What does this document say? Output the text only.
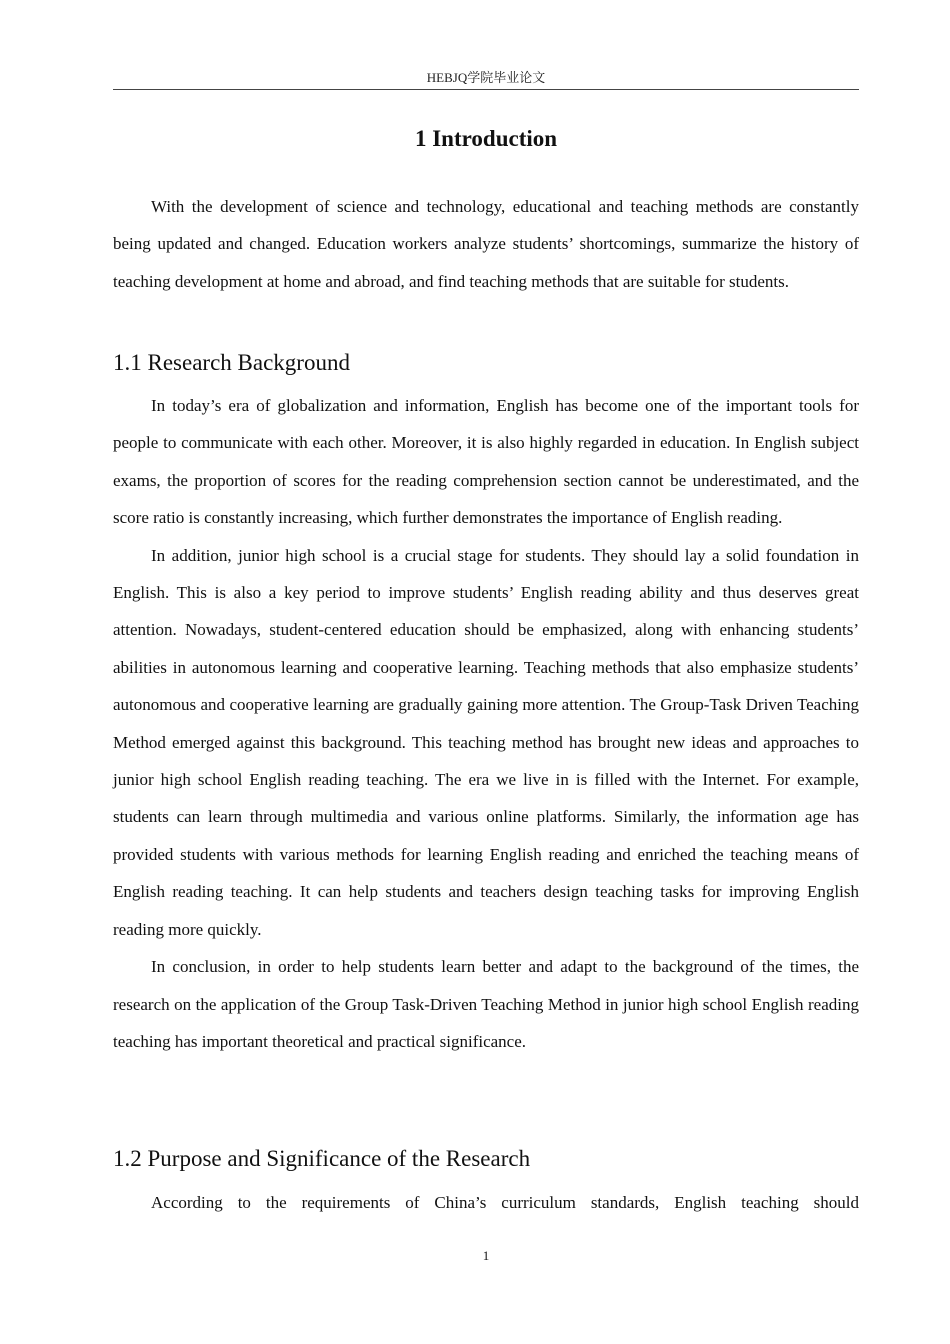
HEBJQ学院毕业论文
1 Introduction

With the development of science and technology, educational and teaching methods are constantly being updated and changed. Education workers analyze students’ shortcomings, summarize the history of teaching development at home and abroad, and find teaching methods that are suitable for students.

1.1 Research Background

In today’s era of globalization and information, English has become one of the important tools for people to communicate with each other. Moreover, it is also highly regarded in education. In English subject exams, the proportion of scores for the reading comprehension section cannot be underestimated, and the score ratio is constantly increasing, which further demonstrates the importance of English reading.

In addition, junior high school is a crucial stage for students. They should lay a solid foundation in English. This is also a key period to improve students’ English reading ability and thus deserves great attention. Nowadays, student-centered education should be emphasized, along with enhancing students’ abilities in autonomous learning and cooperative learning. Teaching methods that also emphasize students’ autonomous and cooperative learning are gradually gaining more attention. The Group-Task Driven Teaching Method emerged against this background. This teaching method has brought new ideas and approaches to junior high school English reading teaching. The era we live in is filled with the Internet. For example, students can learn through multimedia and various online platforms. Similarly, the information age has provided students with various methods for learning English reading and enriched the teaching means of English reading teaching. It can help students and teachers design teaching tasks for improving English reading more quickly.

In conclusion, in order to help students learn better and adapt to the background of the times, the research on the application of the Group Task-Driven Teaching Method in junior high school English reading teaching has important theoretical and practical significance.

1.2 Purpose and Significance of the Research

According to the requirements of China’s curriculum standards, English teaching should

1
